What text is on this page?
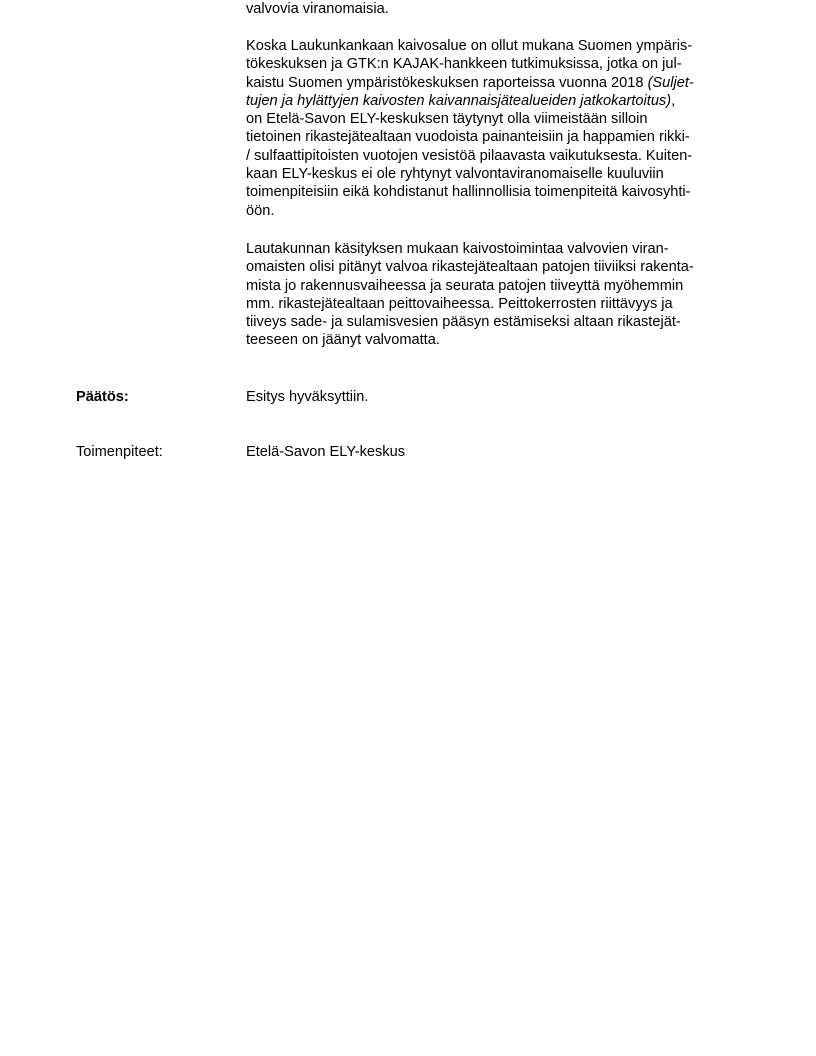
valvovia viranomaisia.

Koska Laukunkankaan kaivosalue on ollut mukana Suomen ympäris-
tökeskuksen ja GTK:n KAJAK-hankkeen tutkimuksissa, jotka on jul-
kaistu Suomen ympäristökeskuksen raporteissa vuonna 2018 (Suljet-
tujen ja hylättyjen kaivosten kaivannaisjätealueiden jatkokartoitus),
on Etelä-Savon ELY-keskuksen täytynyt olla viimeistään silloin
tietoinen rikastejätealtaan vuodoista painanteisiin ja happamien rikki-
/ sulfaattipitoisten vuotojen vesistöä pilaavasta vaikutuksesta. Kuiten-
kaan ELY-keskus ei ole ryhtynyt valvontaviranomaiselle kuuluviin
toimenpiteisiin eikä kohdistanut hallinnollisia toimenpiteitä kaivosyhti-
öön.

Lautakunnan käsityksen mukaan kaivostoimintaa valvovien viran-
omaisten olisi pitänyt valvoa rikastejätealtaan patojen tiiviiksi rakenta-
mista jo rakennusvaiheessa ja seurata patojen tiiveyttä myöhemmin
mm. rikastejätealtaan peittovaiheessa. Peittokerrosten riittävyys ja
tiiveys sade- ja sulamisvesien pääsyn estämiseksi altaan rikastejät-
teeseen on jäänyt valvomatta.

Päätös:	Esitys hyväksyttiin.

Toimenpiteet:	Etelä-Savon ELY-keskus
